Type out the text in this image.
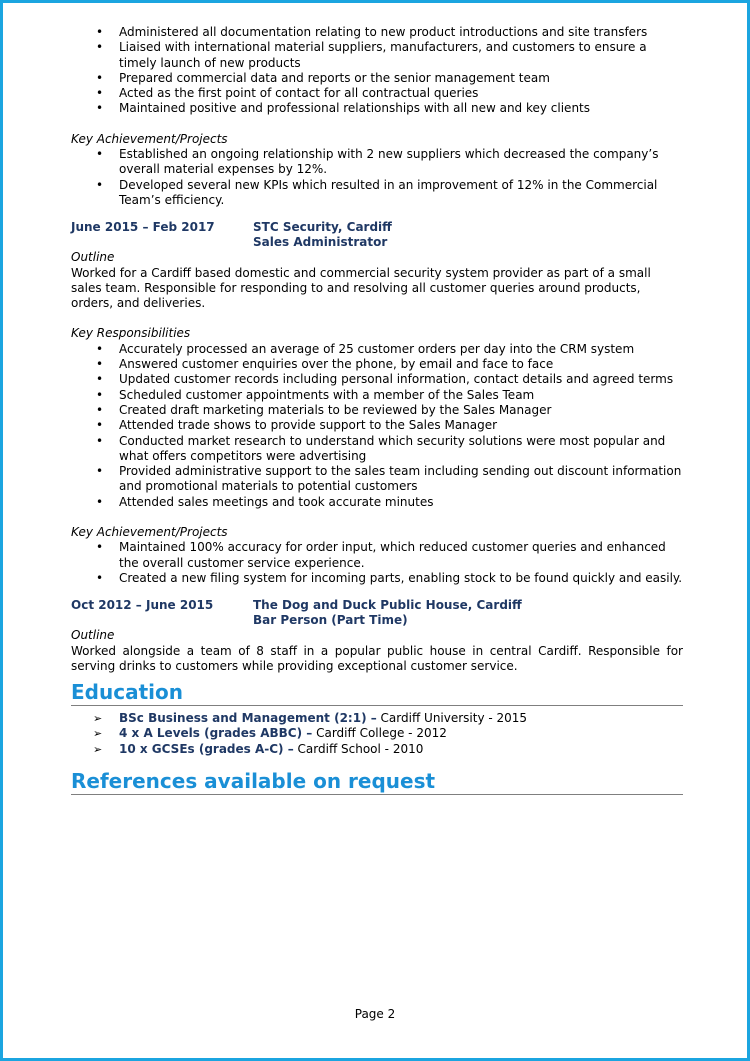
• Administered all documentation relating to new product introductions and site transfers
• Liaised with international material suppliers, manufacturers, and customers to ensure a timely launch of new products
• Prepared commercial data and reports or the senior management team
• Acted as the first point of contact for all contractual queries
• Maintained positive and professional relationships with all new and key clients

Key Achievement/Projects

• Established an ongoing relationship with 2 new suppliers which decreased the company’s overall material expenses by 12%.
• Developed several new KPIs which resulted in an improvement of 12% in the Commercial Team’s efficiency.
June 2015 – Feb 2017	STC Security, Cardiff
Sales Administrator

Outline

Worked for a Cardiff based domestic and commercial security system provider as part of a small sales team. Responsible for responding to and resolving all customer queries around products, orders, and deliveries.

Key Responsibilities

• Accurately processed an average of 25 customer orders per day into the CRM system
• Answered customer enquiries over the phone, by email and face to face
• Updated customer records including personal information, contact details and agreed terms
• Scheduled customer appointments with a member of the Sales Team
• Created draft marketing materials to be reviewed by the Sales Manager
• Attended trade shows to provide support to the Sales Manager
• Conducted market research to understand which security solutions were most popular and what offers competitors were advertising
• Provided administrative support to the sales team including sending out discount information and promotional materials to potential customers
• Attended sales meetings and took accurate minutes

Key Achievement/Projects

• Maintained 100% accuracy for order input, which reduced customer queries and enhanced the overall customer service experience.
• Created a new filing system for incoming parts, enabling stock to be found quickly and easily.
Oct 2012 – June 2015	The Dog and Duck Public House, Cardiff
Bar Person (Part Time)

Outline

Worked alongside a team of 8 staff in a popular public house in central Cardiff. Responsible for serving drinks to customers while providing exceptional customer service.

Education
➢ BSc Business and Management (2:1) – Cardiff University - 2015
➢ 4 x A Levels (grades ABBC) – Cardiff College - 2012
➢ 10 x GCSEs (grades A-C) – Cardiff School - 2010
References available on request
Page 2
